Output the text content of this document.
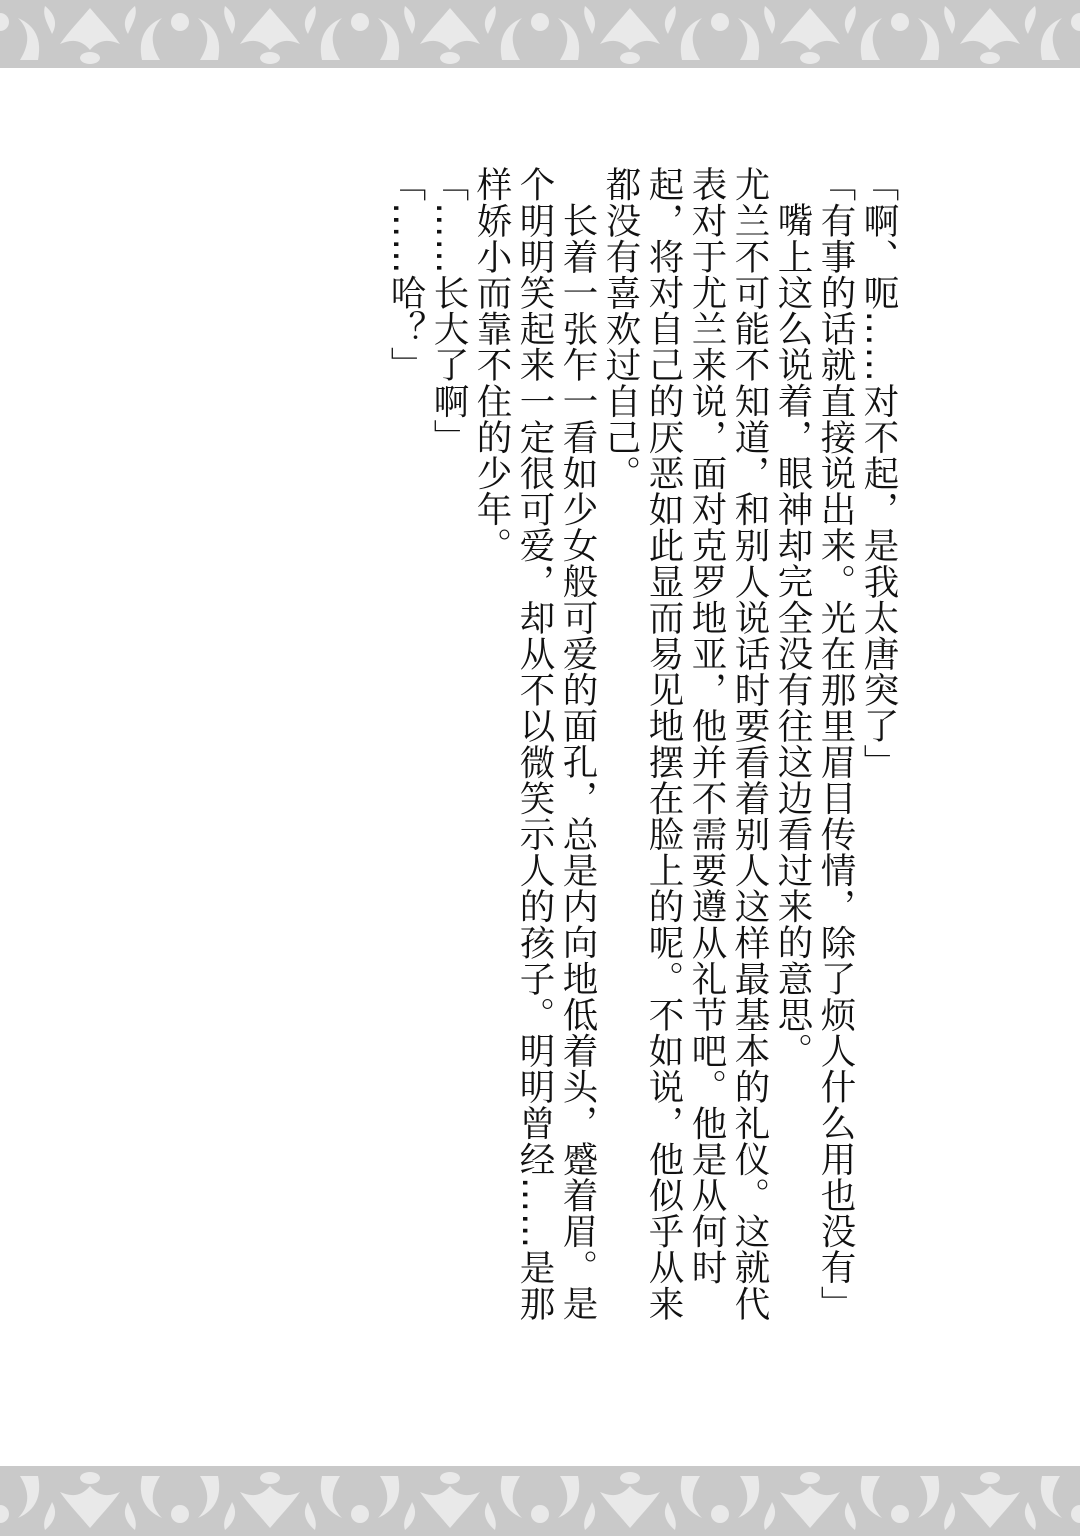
「啊、呃……对不起，是我太唐突了」

「有事的话就直接说出来。光在那里眉目传情，除了烦人什么用也没有」

嘴上这么说着，眼神却完全没有往这边看过来的意思。

尤兰不可能不知道，和别人说话时要看着别人这样最基本的礼仪。这就代表对于尤兰来说，面对克罗地亚，他并不需要遵从礼节吧。他是从何时起，将对自己的厌恶如此显而易见地摆在脸上的呢。不如说，他似乎从来都没有喜欢过自己。

长着一张乍一看如少女般可爱的面孔，总是内向地低着头，蹙着眉。是个明明笑起来一定很可爱，却从不以微笑示人的孩子。明明曾经……是那样娇小而靠不住的少年。

「……长大了啊」

「……哈？」
